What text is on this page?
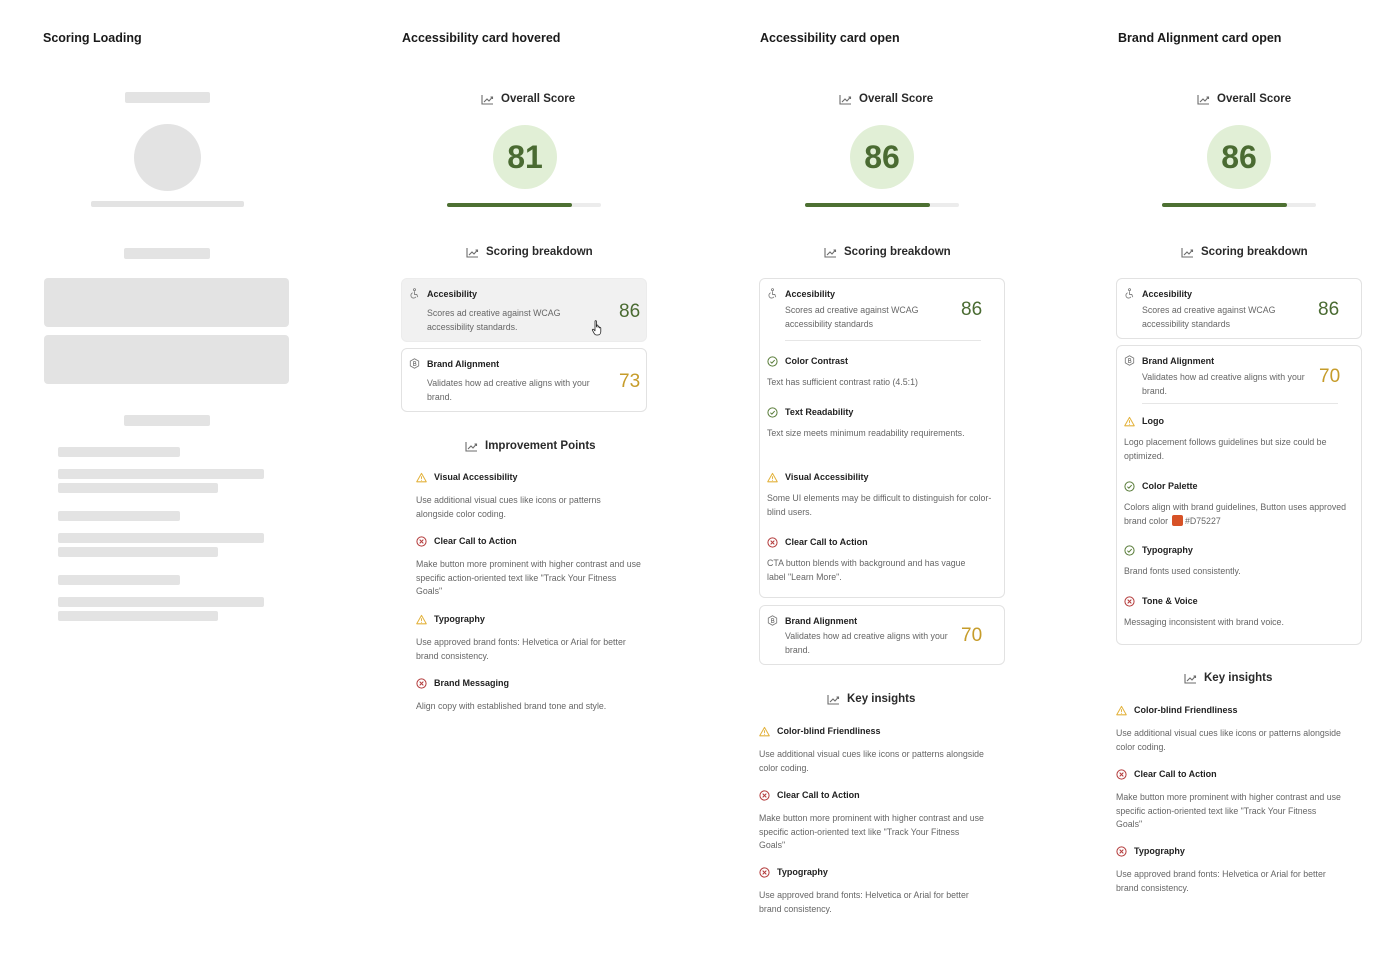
Scoring Loading	Accessibility card hovered
Overall Score
81
Scoring breakdown
Accesibility
Scores ad creative against WCAG accessibility standards.
86
Brand Alignment
Validates how ad creative aligns with your brand.
73
Improvement Points
Visual Accessibility
Use additional visual cues like icons or patterns alongside color coding.
Clear Call to Action
Make button more prominent with higher contrast and use specific action-oriented text like "Track Your Fitness Goals"
Typography
Use approved brand fonts: Helvetica or Arial for better brand consistency.
Brand Messaging
Align copy with established brand tone and style.
Accessibility card open
Overall Score
86
Scoring breakdown
Accesibility
Scores ad creative against WCAG accessibility standards
86
Color Contrast
Text has sufficient contrast ratio (4.5:1)
Text Readability
Text size meets minimum readability requirements.
Visual Accessibility
Some UI elements may be difficult to distinguish for color-blind users.
Clear Call to Action
CTA button blends with background and has vague label "Learn More".
Brand Alignment
Validates how ad creative aligns with your brand.
70
Key insights
Color-blind Friendliness
Use additional visual cues like icons or patterns alongside color coding.
Clear Call to Action
Make button more prominent with higher contrast and use specific action-oriented text like "Track Your Fitness Goals"
Typography
Use approved brand fonts: Helvetica or Arial for better brand consistency.
Brand Alignment card open
Overall Score
86
Scoring breakdown
Accesibility
Scores ad creative against WCAG accessibility standards
86
Brand Alignment
Validates how ad creative aligns with your brand.
70
Logo
Logo placement follows guidelines but size could be optimized.
Color Palette
Colors align with brand guidelines, Button uses approved brand color #D75227
Typography
Brand fonts used consistently.
Tone & Voice
Messaging inconsistent with brand voice.
Key insights
Color-blind Friendliness
Use additional visual cues like icons or patterns alongside color coding.
Clear Call to Action
Make button more prominent with higher contrast and use specific action-oriented text like "Track Your Fitness Goals"
Typography
Use approved brand fonts: Helvetica or Arial for better brand consistency.
